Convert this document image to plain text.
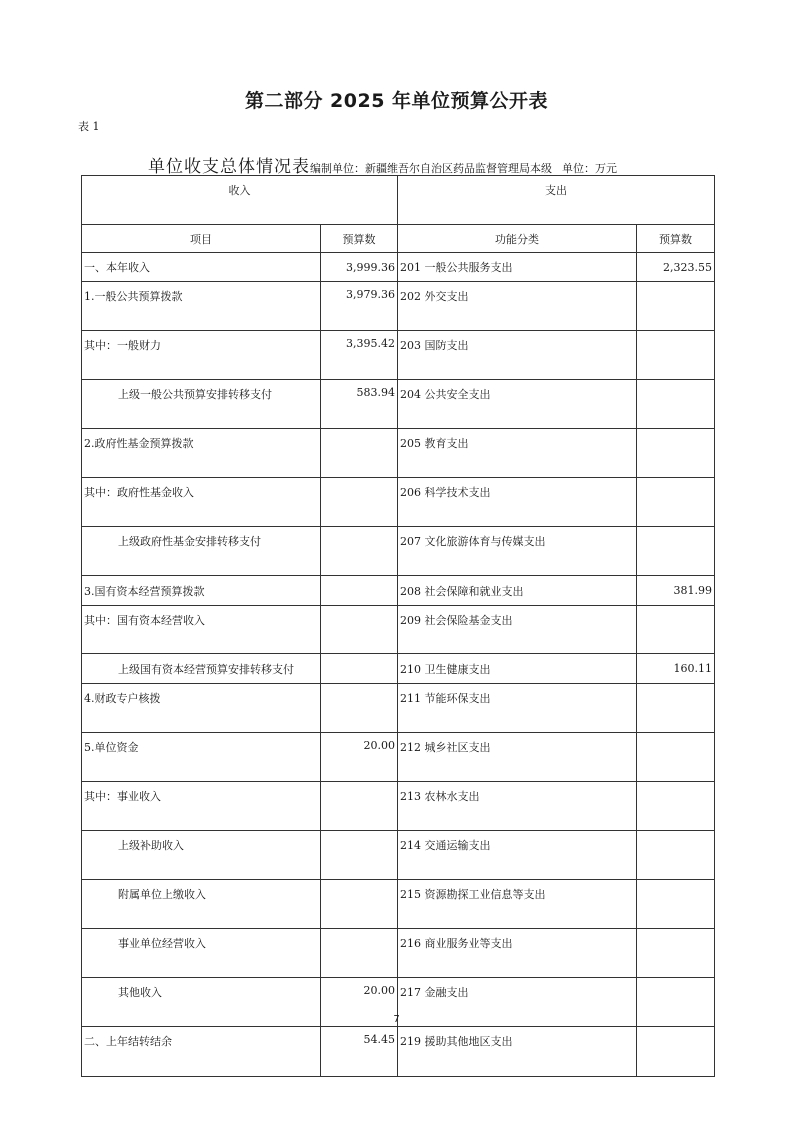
第二部分 2025 年单位预算公开表
表 1
单位收支总体情况表编制单位：新疆维吾尔自治区药品监督管理局本级 单位：万元
收入		支出	
项目	预算数	功能分类	预算数
一、本年收入	3,999.36	201 一般公共服务支出	2,323.55
1.一般公共预算拨款	3,979.36	202 外交支出	
其中：一般财力	3,395.42	203 国防支出	
上级一般公共预算安排转移支付	583.94	204 公共安全支出	
2.政府性基金预算拨款		205 教育支出	
其中：政府性基金收入		206 科学技术支出	
上级政府性基金安排转移支付		207 文化旅游体育与传媒支出	
3.国有资本经营预算拨款		208 社会保障和就业支出	381.99
其中：国有资本经营收入		209 社会保险基金支出	
上级国有资本经营预算安排转移支付		210 卫生健康支出	160.11
4.财政专户核拨		211 节能环保支出	
5.单位资金	20.00	212 城乡社区支出	
其中：事业收入		213 农林水支出	
上级补助收入		214 交通运输支出	
附属单位上缴收入		215 资源勘探工业信息等支出	
事业单位经营收入		216 商业服务业等支出	
其他收入	20.00	217 金融支出	
二、上年结转结余	54.45	219 援助其他地区支出	
7
